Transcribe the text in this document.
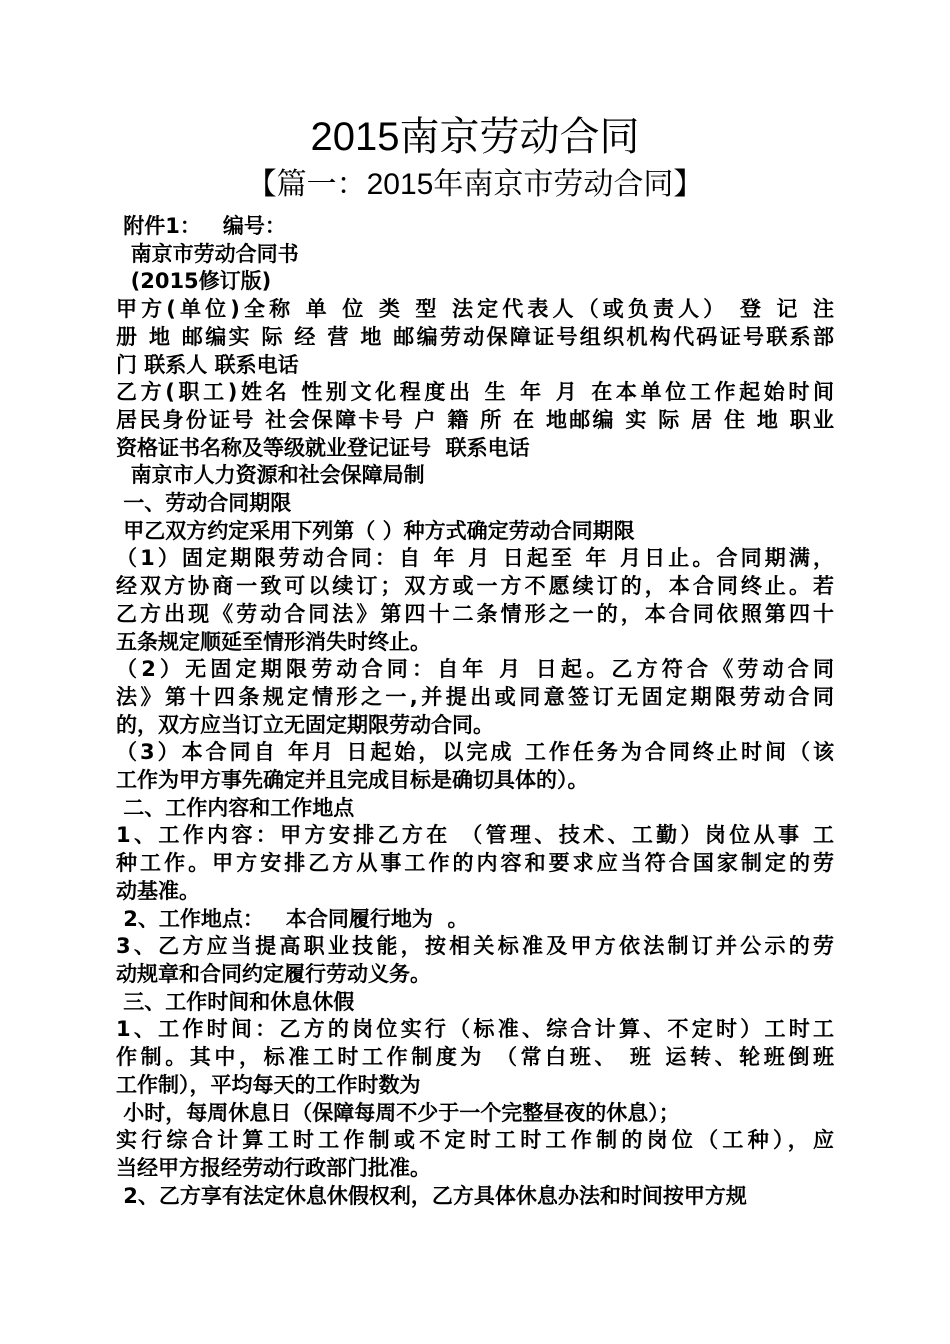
2015南京劳动合同
【篇一：2015年南京市劳动合同】
附件1：   编号：
南京市劳动合同书
(2015修订版)
甲方(单位)全称 单 位 类 型 法定代表人（或负责人） 登 记 注
册 地 邮编实 际 经 营 地 邮编劳动保障证号组织机构代码证号联系部
门 联系人 联系电话
乙方(职工)姓名 性别文化程度出 生 年 月 在本单位工作起始时间
居民身份证号 社会保障卡号 户 籍 所 在 地邮编 实 际 居 住 地 职业
资格证书名称及等级就业登记证号  联系电话
南京市人力资源和社会保障局制
一、劳动合同期限
甲乙双方约定采用下列第（ ）种方式确定劳动合同期限
（1）固定期限劳动合同：自 年 月 日起至 年 月日止。合同期满，
经双方协商一致可以续订；双方或一方不愿续订的，本合同终止。若
乙方出现《劳动合同法》第四十二条情形之一的，本合同依照第四十
五条规定顺延至情形消失时终止。
（2）无固定期限劳动合同：自年 月 日起。乙方符合《劳动合同
法》第十四条规定情形之一,并提出或同意签订无固定期限劳动合同
的，双方应当订立无固定期限劳动合同。
（3）本合同自 年月 日起始，以完成 工作任务为合同终止时间（该
工作为甲方事先确定并且完成目标是确切具体的）。
二、工作内容和工作地点
1、工作内容：甲方安排乙方在 （管理、技术、工勤）岗位从事 工
种工作。甲方安排乙方从事工作的内容和要求应当符合国家制定的劳
动基准。
2、工作地点：   本合同履行地为  。
3、乙方应当提高职业技能，按相关标准及甲方依法制订并公示的劳
动规章和合同约定履行劳动义务。
三、工作时间和休息休假
1、工作时间：乙方的岗位实行（标准、综合计算、不定时）工时工
作制。其中，标准工时工作制度为 （常白班、 班 运转、轮班倒班
工作制），平均每天的工作时数为
小时，每周休息日（保障每周不少于一个完整昼夜的休息）；
实行综合计算工时工作制或不定时工时工作制的岗位（工种），应
当经甲方报经劳动行政部门批准。
2、乙方享有法定休息休假权利，乙方具体休息办法和时间按甲方规
